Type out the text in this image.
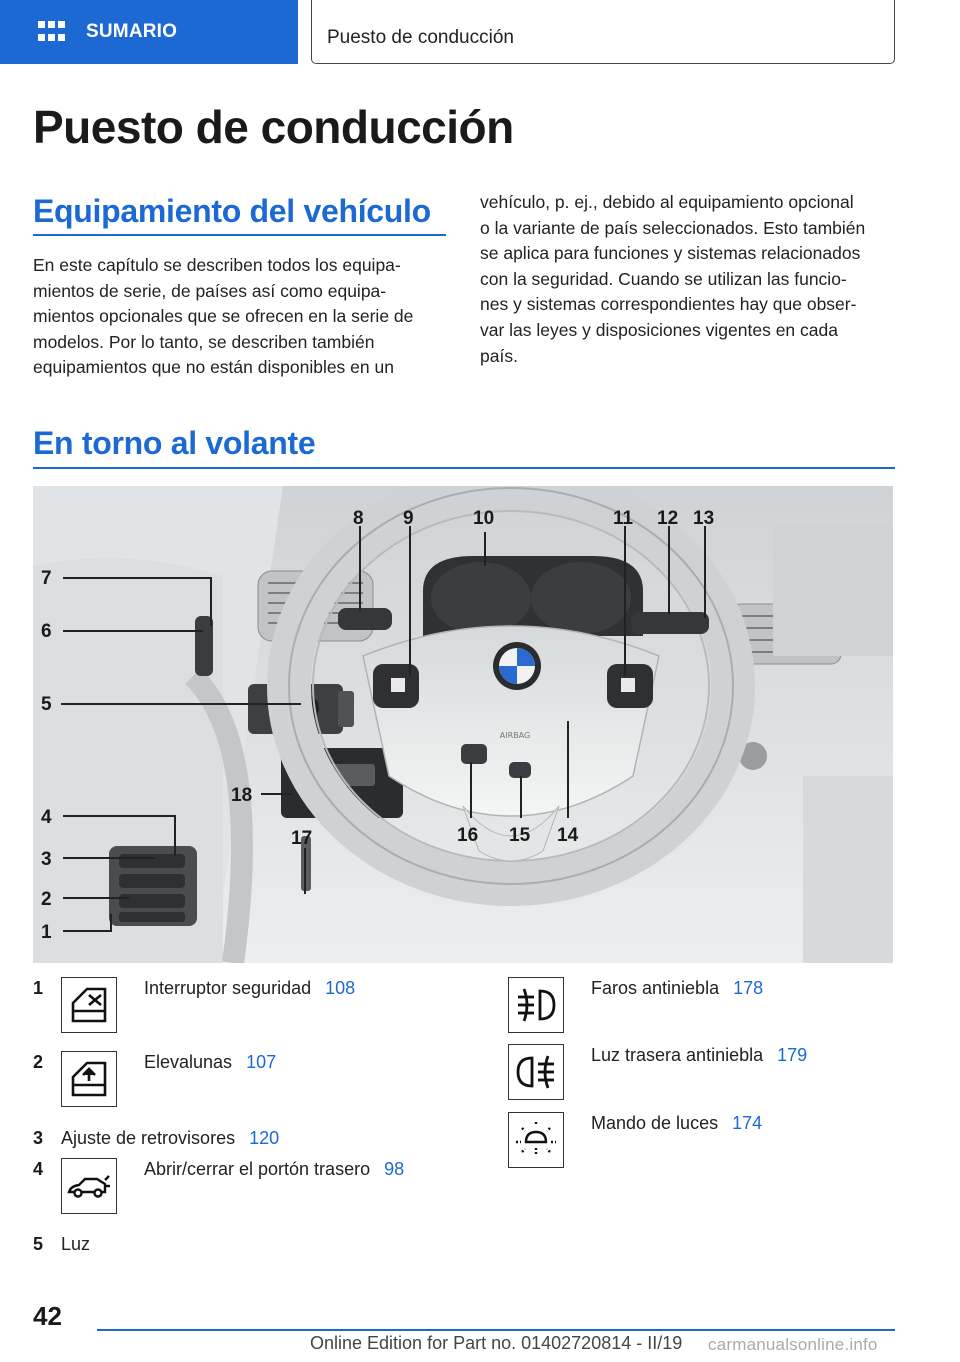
SUMARIO	Puesto de conducción
Puesto de conducción
Equipamiento del vehículo
En este capítulo se describen todos los equipa-
mientos de serie, de países así como equipa-
mientos opcionales que se ofrecen en la serie de
modelos. Por lo tanto, se describen también
equipamientos que no están disponibles en un
vehículo, p. ej., debido al equipamiento opcional
o la variante de país seleccionados. Esto también
se aplica para funciones y sistemas relacionados
con la seguridad. Cuando se utilizan las funcio-
nes y sistemas correspondientes hay que obser-
var las leyes y disposiciones vigentes en cada
país.
En torno al volante
AIRBAG
7
6
5
4
3
2
1
18
17
8 9	10	11 12 13
14
15
16
1	Interruptor seguridad 108
2	Elevalunas 107
3 Ajuste de retrovisores 120
4	Abrir/cerrar el portón trasero 98
5 Luz
Faros antiniebla 178
Luz trasera antiniebla 179
Mando de luces 174
42
Online Edition for Part no. 01402720814 - II/19 carmanualsonline.info
